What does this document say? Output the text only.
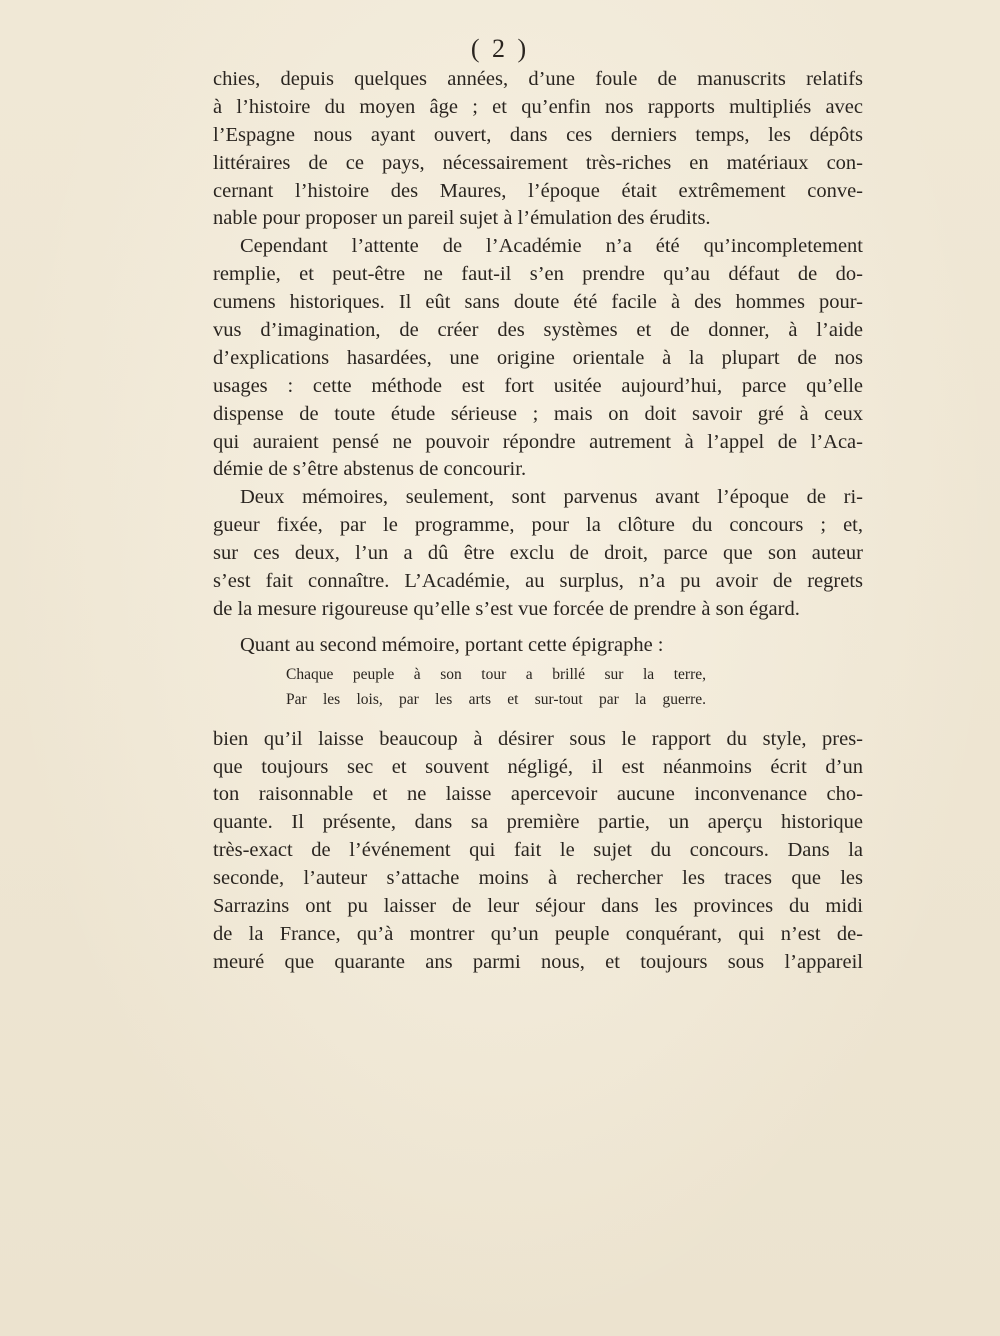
( 2 )
chies, depuis quelques années, d’une foule de manuscrits relatifs
à l’histoire du moyen âge ; et qu’enfin nos rapports multipliés avec
l’Espagne nous ayant ouvert, dans ces derniers temps, les dépôts
littéraires de ce pays, nécessairement très-riches en matériaux con-
cernant l’histoire des Maures, l’époque était extrêmement conve-
nable pour proposer un pareil sujet à l’émulation des érudits.
Cependant l’attente de l’Académie n’a été qu’incompletement
remplie, et peut-être ne faut-il s’en prendre qu’au défaut de do-
cumens historiques. Il eût sans doute été facile à des hommes pour-
vus d’imagination, de créer des systèmes et de donner, à l’aide
d’explications hasardées, une origine orientale à la plupart de nos
usages : cette méthode est fort usitée aujourd’hui, parce qu’elle
dispense de toute étude sérieuse ; mais on doit savoir gré à ceux
qui auraient pensé ne pouvoir répondre autrement à l’appel de l’Aca-
démie de s’être abstenus de concourir.
Deux mémoires, seulement, sont parvenus avant l’époque de ri-
gueur fixée, par le programme, pour la clôture du concours ; et,
sur ces deux, l’un a dû être exclu de droit, parce que son auteur
s’est fait connaître. L’Académie, au surplus, n’a pu avoir de regrets
de la mesure rigoureuse qu’elle s’est vue forcée de prendre à son égard.
Quant au second mémoire, portant cette épigraphe :
Chaque peuple à son tour a brillé sur la terre,
Par les lois, par les arts et sur-tout par la guerre.
bien qu’il laisse beaucoup à désirer sous le rapport du style, pres-
que toujours sec et souvent négligé, il est néanmoins écrit d’un
ton raisonnable et ne laisse apercevoir aucune inconvenance cho-
quante. Il présente, dans sa première partie, un aperçu historique
très-exact de l’événement qui fait le sujet du concours. Dans la
seconde, l’auteur s’attache moins à rechercher les traces que les
Sarrazins ont pu laisser de leur séjour dans les provinces du midi
de la France, qu’à montrer qu’un peuple conquérant, qui n’est de-
meuré que quarante ans parmi nous, et toujours sous l’appareil
